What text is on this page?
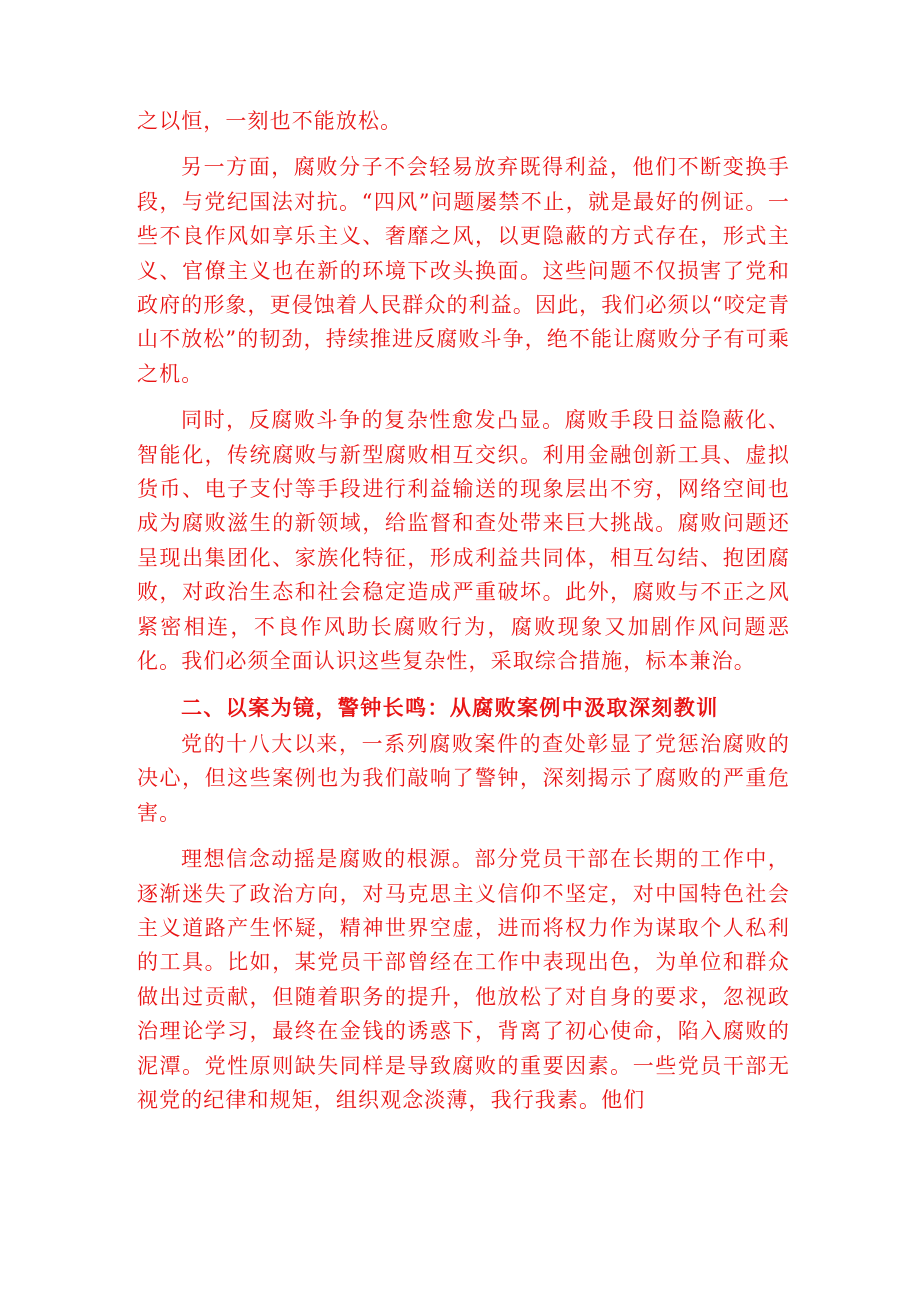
之以恒，一刻也不能放松。

另一方面，腐败分子不会轻易放弃既得利益，他们不断变换手段，与党纪国法对抗。“四风”问题屡禁不止，就是最好的例证。一些不良作风如享乐主义、奢靡之风，以更隐蔽的方式存在，形式主义、官僚主义也在新的环境下改头换面。这些问题不仅损害了党和政府的形象，更侵蚀着人民群众的利益。因此，我们必须以“咬定青山不放松”的韧劲，持续推进反腐败斗争，绝不能让腐败分子有可乘之机。

同时，反腐败斗争的复杂性愈发凸显。腐败手段日益隐蔽化、智能化，传统腐败与新型腐败相互交织。利用金融创新工具、虚拟货币、电子支付等手段进行利益输送的现象层出不穷，网络空间也成为腐败滋生的新领域，给监督和查处带来巨大挑战。腐败问题还呈现出集团化、家族化特征，形成利益共同体，相互勾结、抱团腐败，对政治生态和社会稳定造成严重破坏。此外，腐败与不正之风紧密相连，不良作风助长腐败行为，腐败现象又加剧作风问题恶化。我们必须全面认识这些复杂性，采取综合措施，标本兼治。

二、以案为镜，警钟长鸣：从腐败案例中汲取深刻教训

党的十八大以来，一系列腐败案件的查处彰显了党惩治腐败的决心，但这些案例也为我们敲响了警钟，深刻揭示了腐败的严重危害。

理想信念动摇是腐败的根源。部分党员干部在长期的工作中，逐渐迷失了政治方向，对马克思主义信仰不坚定，对中国特色社会主义道路产生怀疑，精神世界空虚，进而将权力作为谋取个人私利的工具。比如，某党员干部曾经在工作中表现出色，为单位和群众做出过贡献，但随着职务的提升，他放松了对自身的要求，忽视政治理论学习，最终在金钱的诱惑下，背离了初心使命，陷入腐败的泥潭。党性原则缺失同样是导致腐败的重要因素。一些党员干部无视党的纪律和规矩，组织观念淡薄，我行我素。他们
